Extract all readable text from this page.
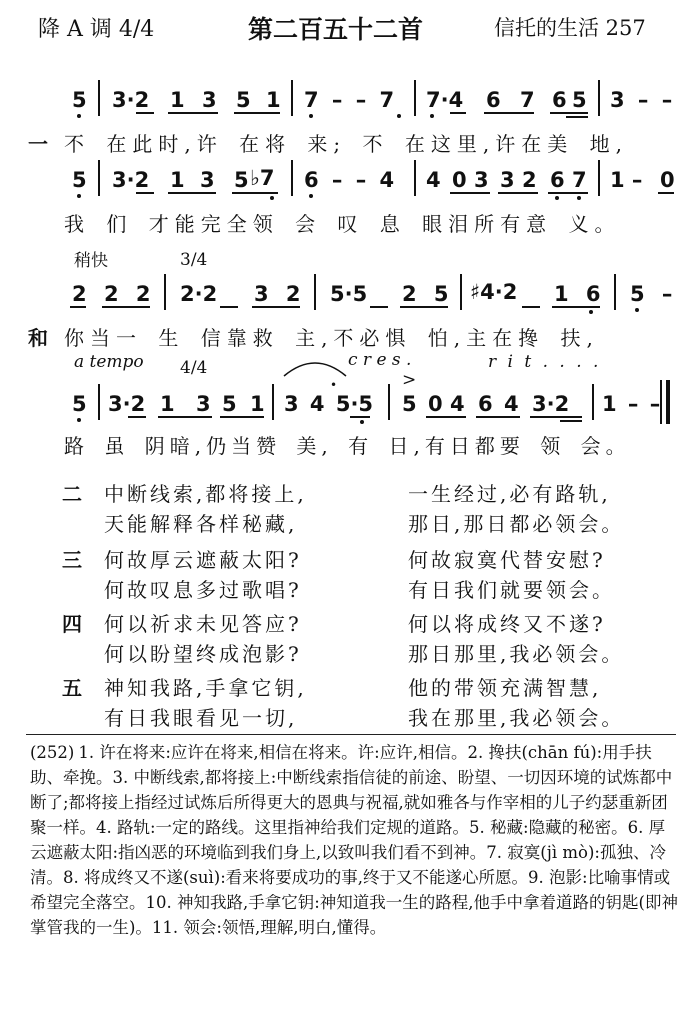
降 A 调 4/4	第二百五十二首	信托的生活 257
5 3·2 1 3 5 1 7 – – 7 7·4 6 7 6 5 3 – –
一 不 在此时,许 在将 来; 不 在这里,许在美 地,
5 3·2 1 3 5 ♭7 6 – – 4 4 0 3 3 2 6 7 1 – 0
我 们 才能完全领 会 叹 息 眼泪所有意 义。
稍快	3/4
2 2 2 2·2 3 2 5·5 2 5 ♯4·2 1 6 5 –
和 你当一 生 信靠救 主,不必惧 怕,主在搀 扶,
a tempo 4/4	c r e s .	r i t . . . .
>
5 3·2 1 3 5 1 3 4 5·5
•
5 0 4 6 4 3·2 1 – –
路 虽 阴暗,仍当赞 美, 有 日,有日都要 领 会。
二 中断线索,都将接上,	一生经过,必有路轨,
天能解释各样秘藏,	那日,那日都必领会。
三 何故厚云遮蔽太阳?	何故寂寞代替安慰?
何故叹息多过歌唱?	有日我们就要领会。
四 何以祈求未见答应?	何以将成终又不遂?
何以盼望终成泡影?	那日那里,我必领会。
五 神知我路,手拿它钥,	他的带领充满智慧,
有日我眼看见一切,	我在那里,我必领会。
(252) 1. 许在将来:应许在将来,相信在将来。许:应许,相信。2. 搀扶(chān fú):用手扶助、牵挽。3. 中断线索,都将接上:中断线索指信徒的前途、盼望、一切因环境的试炼都中断了;都将接上指经过试炼后所得更大的恩典与祝福,就如雅各与作宰相的儿子约瑟重新团聚一样。4. 路轨:一定的路线。这里指神给我们定规的道路。5. 秘藏:隐藏的秘密。6. 厚云遮蔽太阳:指凶恶的环境临到我们身上,以致叫我们看不到神。7. 寂寞(jì mò):孤独、冷清。8. 将成终又不遂(suì):看来将要成功的事,终于又不能遂心所愿。9. 泡影:比喻事情或希望完全落空。10. 神知我路,手拿它钥:神知道我一生的路程,他手中拿着道路的钥匙(即神掌管我的一生)。11. 领会:领悟,理解,明白,懂得。
